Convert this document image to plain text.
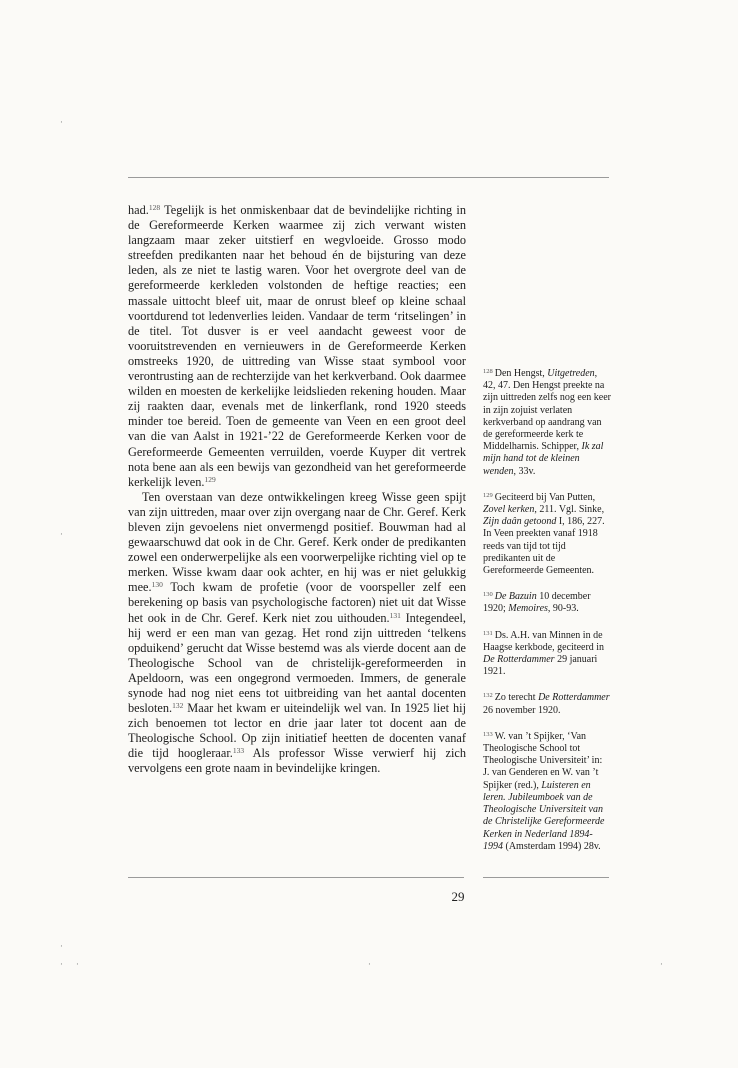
had.$^{128}$ Tegelijk is het onmiskenbaar dat de bevindelijke richting in de Gereformeerde Kerken waarmee zij zich verwant wisten langzaam maar zeker uitstierf en wegvloeide. Grosso modo streefden predikanten naar het behoud én de bijsturing van deze leden, als ze niet te lastig waren. Voor het overgrote deel van de gereformeerde kerkleden volstonden de heftige reacties; een massale uittocht bleef uit, maar de onrust bleef op kleine schaal voortdurend tot ledenverlies leiden. Vandaar de term ‘ritselingen’ in de titel. Tot dusver is er veel aandacht geweest voor de vooruitstrevenden en vernieuwers in de Gereformeerde Kerken omstreeks 1920, de uittreding van Wisse staat symbool voor verontrusting aan de rechterzijde van het kerkverband. Ook daarmee wilden en moesten de kerkelijke leidslieden rekening houden. Maar zij raakten daar, evenals met de linkerflank, rond 1920 steeds minder toe bereid. Toen de gemeente van Veen en een groot deel van die van Aalst in 1921-’22 de Gereformeerde Kerken voor de Gereformeerde Gemeenten verruilden, voerde Kuyper dit vertrek nota bene aan als een bewijs van gezondheid van het gereformeerde kerkelijk leven.$^{129}$

Ten overstaan van deze ontwikkelingen kreeg Wisse geen spijt van zijn uittreden, maar over zijn overgang naar de Chr. Geref. Kerk bleven zijn gevoelens niet onvermengd positief. Bouwman had al gewaarschuwd dat ook in de Chr. Geref. Kerk onder de predikanten zowel een onderwerpelijke als een voorwerpelijke richting viel op te merken. Wisse kwam daar ook achter, en hij was er niet gelukkig mee.$^{130}$ Toch kwam de profetie (voor de voorspeller zelf een berekening op basis van psychologische factoren) niet uit dat Wisse het ook in de Chr. Geref. Kerk niet zou uithouden.$^{131}$ Integendeel, hij werd er een man van gezag. Het rond zijn uittreden ‘telkens opduikend’ gerucht dat Wisse bestemd was als vierde docent aan de Theologische School van de christelijk-gereformeerden in Apeldoorn, was een ongegrond vermoeden. Immers, de generale synode had nog niet eens tot uitbreiding van het aantal docenten besloten.$^{132}$ Maar het kwam er uiteindelijk wel van. In 1925 liet hij zich benoemen tot lector en drie jaar later tot docent aan de Theologische School. Op zijn initiatief heetten de docenten vanaf die tijd hoogleraar.$^{133}$ Als professor Wisse verwierf hij zich vervolgens een grote naam in bevindelijke kringen.

$^{128}$ Den Hengst, Uitgetreden, 42, 47. Den Hengst preekte na zijn uittreden zelfs nog een keer in zijn zojuist verlaten kerkverband op aandrang van de gereformeerde kerk te Middelharnis. Schipper, Ik zal mijn hand tot de kleinen wenden, 33v.

$^{129}$ Geciteerd bij Van Putten, Zovel kerken, 211. Vgl. Sinke, Zijn daân getoond I, 186, 227. In Veen preekten vanaf 1918 reeds van tijd tot tijd predikanten uit de Gereformeerde Gemeenten.

$^{130}$ De Bazuin 10 december 1920; Memoires, 90-93.

$^{131}$ Ds. A.H. van Minnen in de Haagse kerkbode, geciteerd in De Rotterdammer 29 januari 1921.

$^{132}$ Zo terecht De Rotterdammer 26 november 1920.

$^{133}$ W. van ’t Spijker, ‘Van Theologische School tot Theologische Universiteit’ in: J. van Genderen en W. van ’t Spijker (red.), Luisteren en leren. Jubileumboek van de Theologische Universiteit van de Christelijke Gereformeerde Kerken in Nederland 1894-1994 (Amsterdam 1994) 28v.

29
·
·
·
· ·	·	·
